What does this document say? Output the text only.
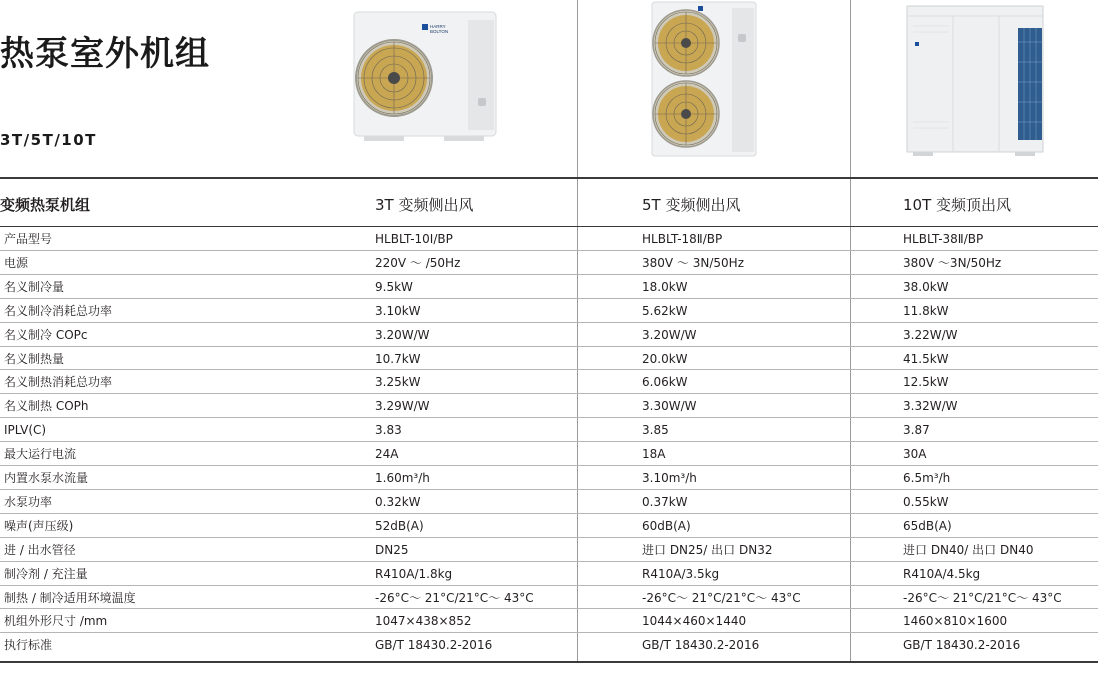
热泵室外机组
3T/5T/10T
HARRY
BOLTON
变频热泵机组	3T 变频侧出风	5T 变频侧出风	10T 变频顶出风
产品型号	HLBLT-10Ⅰ/BP	HLBLT-18Ⅱ/BP	HLBLT-38Ⅱ/BP
电源	220V ～ /50Hz	380V ～ 3N/50Hz	380V ～3N/50Hz
名义制冷量	9.5kW	18.0kW	38.0kW
名义制冷消耗总功率	3.10kW	5.62kW	11.8kW
名义制冷 COPc	3.20W/W	3.20W/W	3.22W/W
名义制热量	10.7kW	20.0kW	41.5kW
名义制热消耗总功率	3.25kW	6.06kW	12.5kW
名义制热 COPh	3.29W/W	3.30W/W	3.32W/W
IPLV(C)	3.83	3.85	3.87
最大运行电流	24A	18A	30A
内置水泵水流量	1.60m³/h	3.10m³/h	6.5m³/h
水泵功率	0.32kW	0.37kW	0.55kW
噪声(声压级)	52dB(A)	60dB(A)	65dB(A)
进 / 出水管径	DN25	进口 DN25/ 出口 DN32	进口 DN40/ 出口 DN40
制冷剂 / 充注量	R410A/1.8kg	R410A/3.5kg	R410A/4.5kg
制热 / 制冷适用环境温度	-26°C～ 21°C/21°C～ 43°C	-26°C～ 21°C/21°C～ 43°C	-26°C～ 21°C/21°C～ 43°C
机组外形尺寸 /mm	1047×438×852	1044×460×1440	1460×810×1600
执行标准	GB/T 18430.2-2016	GB/T 18430.2-2016	GB/T 18430.2-2016
